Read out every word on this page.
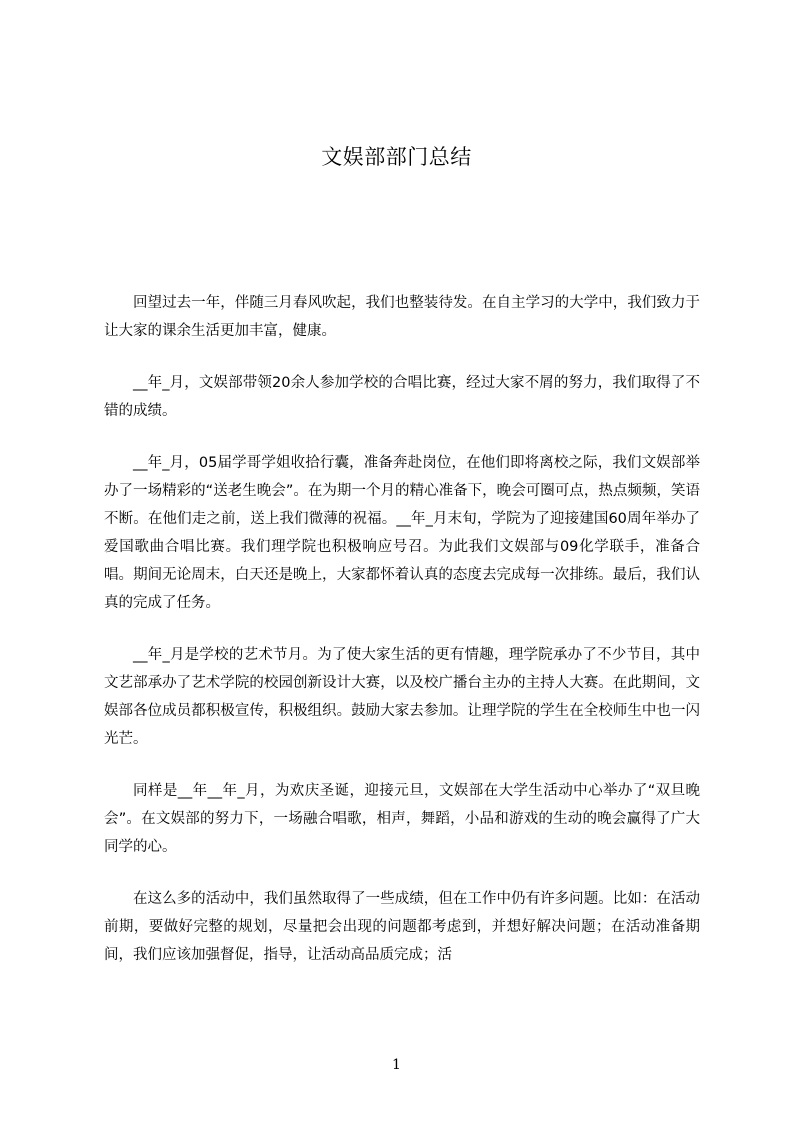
文娱部部门总结

回望过去一年，伴随三月春风吹起，我们也整装待发。在自主学习的大学中，我们致力于让大家的课余生活更加丰富，健康。

__年_月，文娱部带领20余人参加学校的合唱比赛，经过大家不屑的努力，我们取得了不错的成绩。

__年_月，05届学哥学姐收拾行囊，准备奔赴岗位，在他们即将离校之际，我们文娱部举办了一场精彩的“送老生晚会”。在为期一个月的精心准备下，晚会可圈可点，热点频频，笑语不断。在他们走之前，送上我们微薄的祝福。__年_月末旬，学院为了迎接建国60周年举办了爱国歌曲合唱比赛。我们理学院也积极响应号召。为此我们文娱部与09化学联手，准备合唱。期间无论周末，白天还是晚上，大家都怀着认真的态度去完成每一次排练。最后，我们认真的完成了任务。

__年_月是学校的艺术节月。为了使大家生活的更有情趣，理学院承办了不少节目，其中文艺部承办了艺术学院的校园创新设计大赛，以及校广播台主办的主持人大赛。在此期间，文娱部各位成员都积极宣传，积极组织。鼓励大家去参加。让理学院的学生在全校师生中也一闪光芒。

同样是__年__年_月，为欢庆圣诞，迎接元旦，文娱部在大学生活动中心举办了“双旦晚会”。在文娱部的努力下，一场融合唱歌，相声，舞蹈，小品和游戏的生动的晚会赢得了广大同学的心。

在这么多的活动中，我们虽然取得了一些成绩，但在工作中仍有许多问题。比如：在活动前期，要做好完整的规划，尽量把会出现的问题都考虑到，并想好解决问题；在活动准备期间，我们应该加强督促，指导，让活动高品质完成；活

1
